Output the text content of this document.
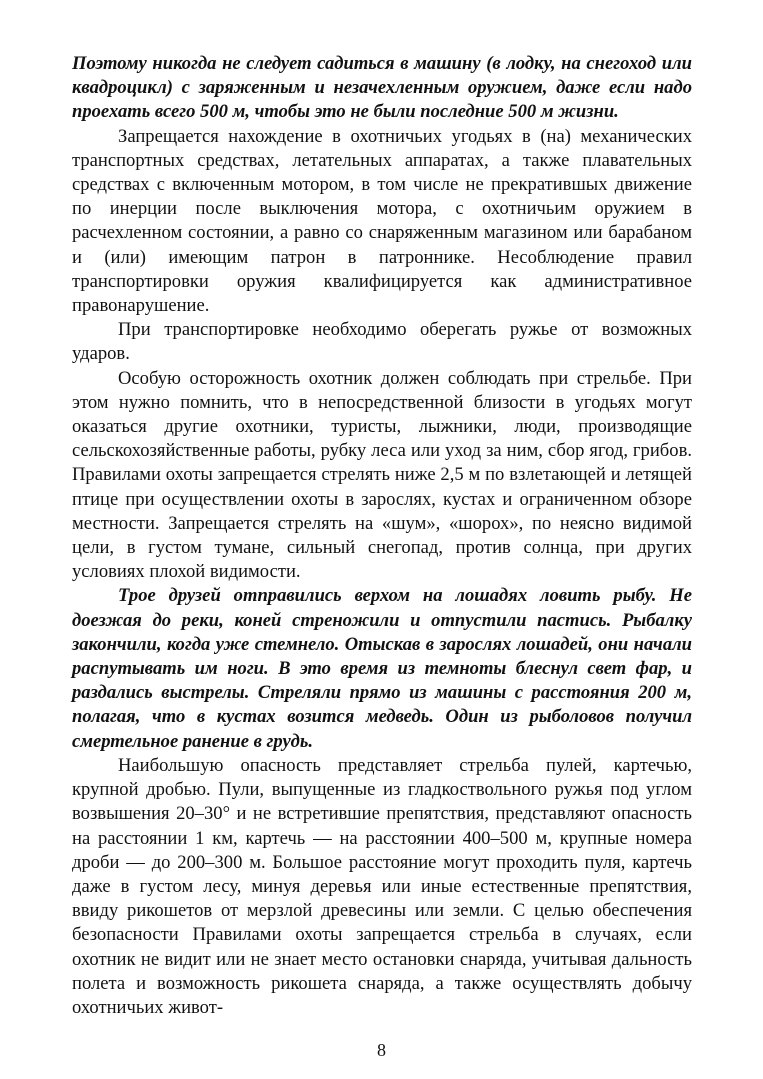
Поэтому никогда не следует садиться в машину (в лодку, на снегоход или квадроцикл) с заряженным и незачехленным оружием, даже если надо проехать всего 500 м, чтобы это не были последние 500 м жизни.

Запрещается нахождение в охотничьих угодьях в (на) механических транспортных средствах, летательных аппаратах, а также плавательных средствах с включенным мотором, в том числе не прекратившых движение по инерции после выключения мотора, с охотничьим оружием в расчехленном состоянии, а равно со снаряженным магазином или барабаном и (или) имеющим патрон в патроннике. Несоблюдение правил транспортировки оружия квалифицируется как административное правонарушение.

При транспортировке необходимо оберегать ружье от возможных ударов.

Особую осторожность охотник должен соблюдать при стрельбе. При этом нужно помнить, что в непосредственной близости в угодьях могут оказаться другие охотники, туристы, лыжники, люди, производящие сельскохозяйственные работы, рубку леса или уход за ним, сбор ягод, грибов. Правилами охоты запрещается стрелять ниже 2,5 м по взлетающей и летящей птице при осуществлении охоты в зарослях, кустах и ограниченном обзоре местности. Запрещается стрелять на «шум», «шорох», по неясно видимой цели, в густом тумане, сильный снегопад, против солнца, при других условиях плохой видимости.

Трое друзей отправились верхом на лошадях ловить рыбу. Не доезжая до реки, коней стреножили и отпустили пастись. Рыбалку закончили, когда уже стемнело. Отыскав в зарослях лошадей, они начали распутывать им ноги. В это время из темноты блеснул свет фар, и раздались выстрелы. Стреляли прямо из машины с расстояния 200 м, полагая, что в кустах возится медведь. Один из рыболовов получил смертельное ранение в грудь.

Наибольшую опасность представляет стрельба пулей, картечью, крупной дробью. Пули, выпущенные из гладкоствольного ружья под углом возвышения 20–30° и не встретившие препятствия, представляют опасность на расстоянии 1 км, картечь — на расстоянии 400–500 м, крупные номера дроби — до 200–300 м. Большое расстояние могут проходить пуля, картечь даже в густом лесу, минуя деревья или иные естественные препятствия, ввиду рикошетов от мерзлой древесины или земли. С целью обеспечения безопасности Правилами охоты запрещается стрельба в случаях, если охотник не видит или не знает место остановки снаряда, учитывая дальность полета и возможность рикошета снаряда, а также осуществлять добычу охотничьих живот-

8
